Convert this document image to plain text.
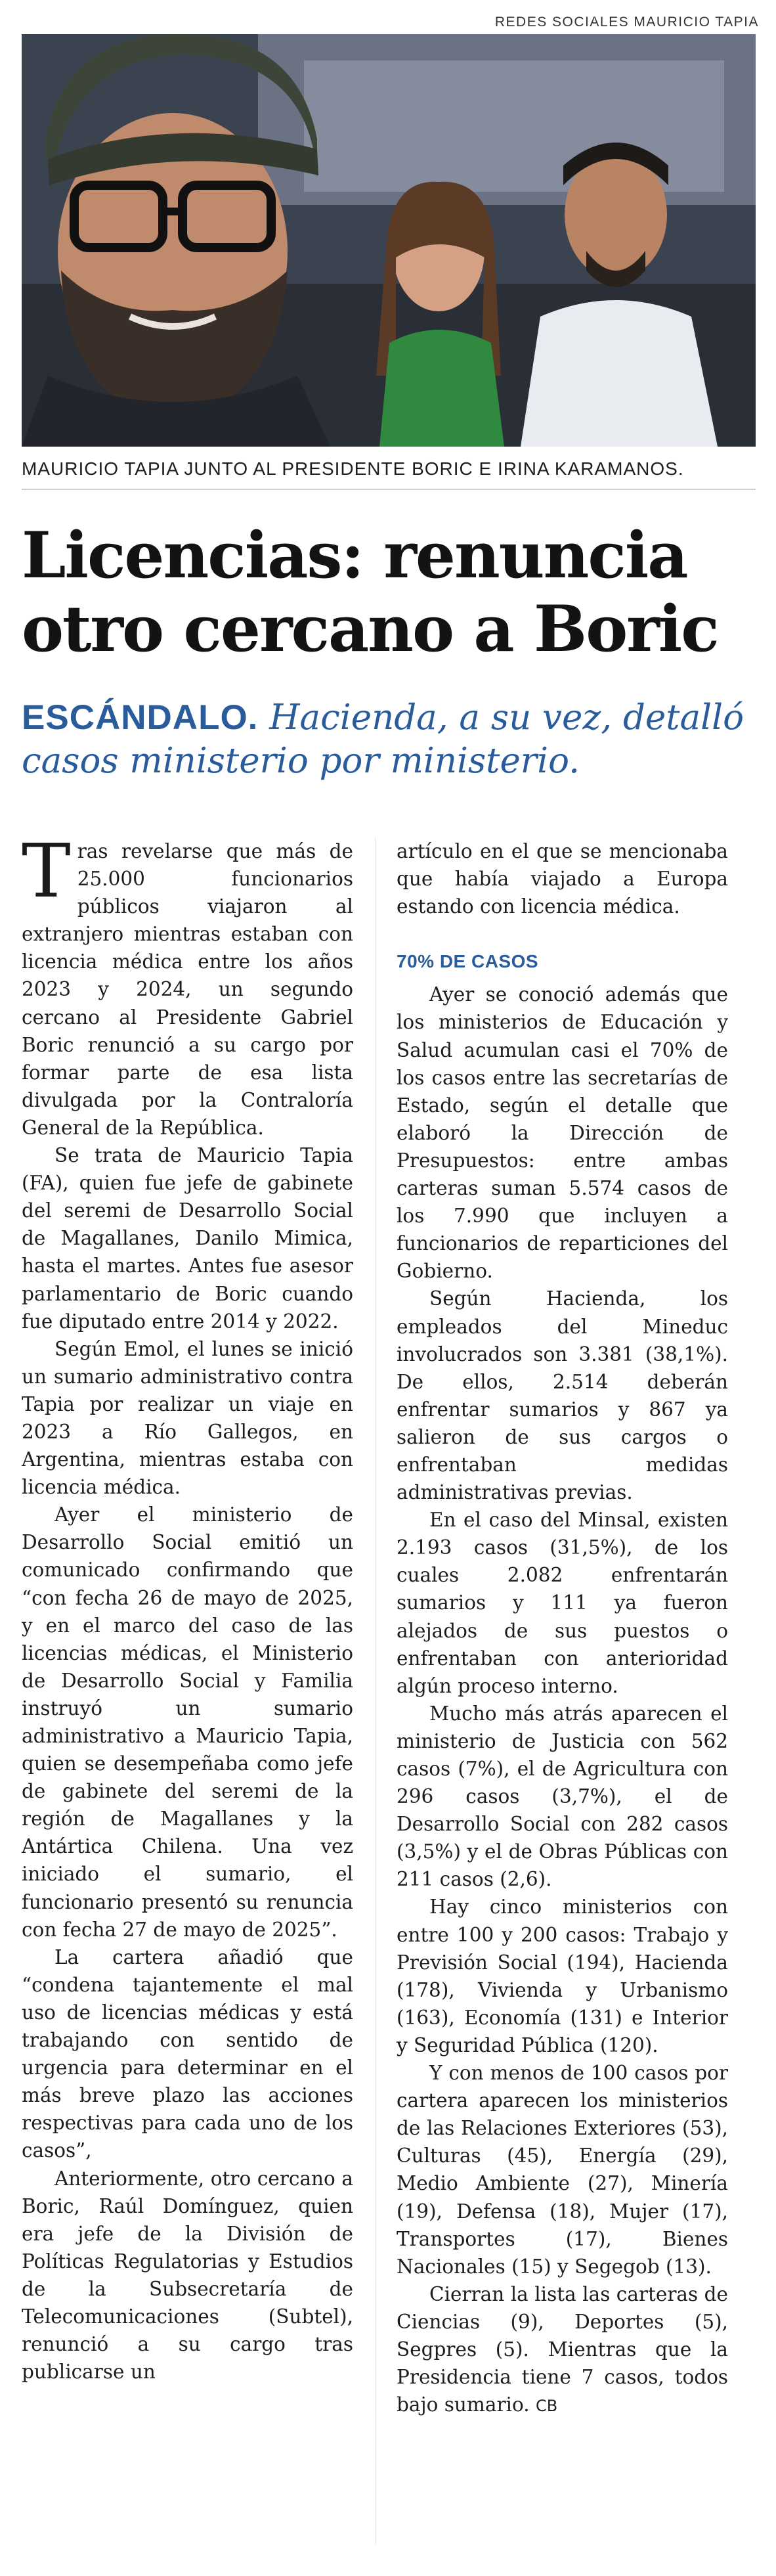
REDES SOCIALES MAURICIO TAPIA
MAURICIO TAPIA JUNTO AL PRESIDENTE BORIC E IRINA KARAMANOS.
Licencias: renuncia otro cercano a Boric
ESCÁNDALO. Hacienda, a su vez, detalló casos ministerio por ministerio.

Tras revelarse que más de 25.000 funcionarios públicos viajaron al extranjero mientras estaban con licencia médica entre los años 2023 y 2024, un segundo cercano al Presidente Gabriel Boric renunció a su cargo por formar parte de esa lista divulgada por la Contraloría General de la República.

Se trata de Mauricio Tapia (FA), quien fue jefe de gabinete del seremi de Desarrollo Social de Magallanes, Danilo Mimica, hasta el martes. Antes fue asesor parlamentario de Boric cuando fue diputado entre 2014 y 2022.

Según Emol, el lunes se inició un sumario administrativo contra Tapia por realizar un viaje en 2023 a Río Gallegos, en Argentina, mientras estaba con licencia médica.

Ayer el ministerio de Desarrollo Social emitió un comunicado confirmando que “con fecha 26 de mayo de 2025, y en el marco del caso de las licencias médicas, el Ministerio de Desarrollo Social y Familia instruyó un sumario administrativo a Mauricio Tapia, quien se desempeñaba como jefe de gabinete del seremi de la región de Magallanes y la Antártica Chilena. Una vez iniciado el sumario, el funcionario presentó su renuncia con fecha 27 de mayo de 2025”.

La cartera añadió que “condena tajantemente el mal uso de licencias médicas y está trabajando con sentido de urgencia para determinar en el más breve plazo las acciones respectivas para cada uno de los casos”,

Anteriormente, otro cercano a Boric, Raúl Domínguez, quien era jefe de la División de Políticas Regulatorias y Estudios de la Subsecretaría de Telecomunicaciones (Subtel), renunció a su cargo tras publicarse un

artículo en el que se mencionaba que había viajado a Europa estando con licencia médica.

70% DE CASOS

Ayer se conoció además que los ministerios de Educación y Salud acumulan casi el 70% de los casos entre las secretarías de Estado, según el detalle que elaboró la Dirección de Presupuestos: entre ambas carteras suman 5.574 casos de los 7.990 que incluyen a funcionarios de reparticiones del Gobierno.

Según Hacienda, los empleados del Mineduc involucrados son 3.381 (38,1%). De ellos, 2.514 deberán enfrentar sumarios y 867 ya salieron de sus cargos o enfrentaban medidas administrativas previas.

En el caso del Minsal, existen 2.193 casos (31,5%), de los cuales 2.082 enfrentarán sumarios y 111 ya fueron alejados de sus puestos o enfrentaban con anterioridad algún proceso interno.

Mucho más atrás aparecen el ministerio de Justicia con 562 casos (7%), el de Agricultura con 296 casos (3,7%), el de Desarrollo Social con 282 casos (3,5%) y el de Obras Públicas con 211 casos (2,6).

Hay cinco ministerios con entre 100 y 200 casos: Trabajo y Previsión Social (194), Hacienda (178), Vivienda y Urbanismo (163), Economía (131) e Interior y Seguridad Pública (120).

Y con menos de 100 casos por cartera aparecen los ministerios de las Relaciones Exteriores (53), Culturas (45), Energía (29), Medio Ambiente (27), Minería (19), Defensa (18), Mujer (17), Transportes (17), Bienes Nacionales (15) y Segegob (13).

Cierran la lista las carteras de Ciencias (9), Deportes (5), Segpres (5). Mientras que la Presidencia tiene 7 casos, todos bajo sumario. CB
